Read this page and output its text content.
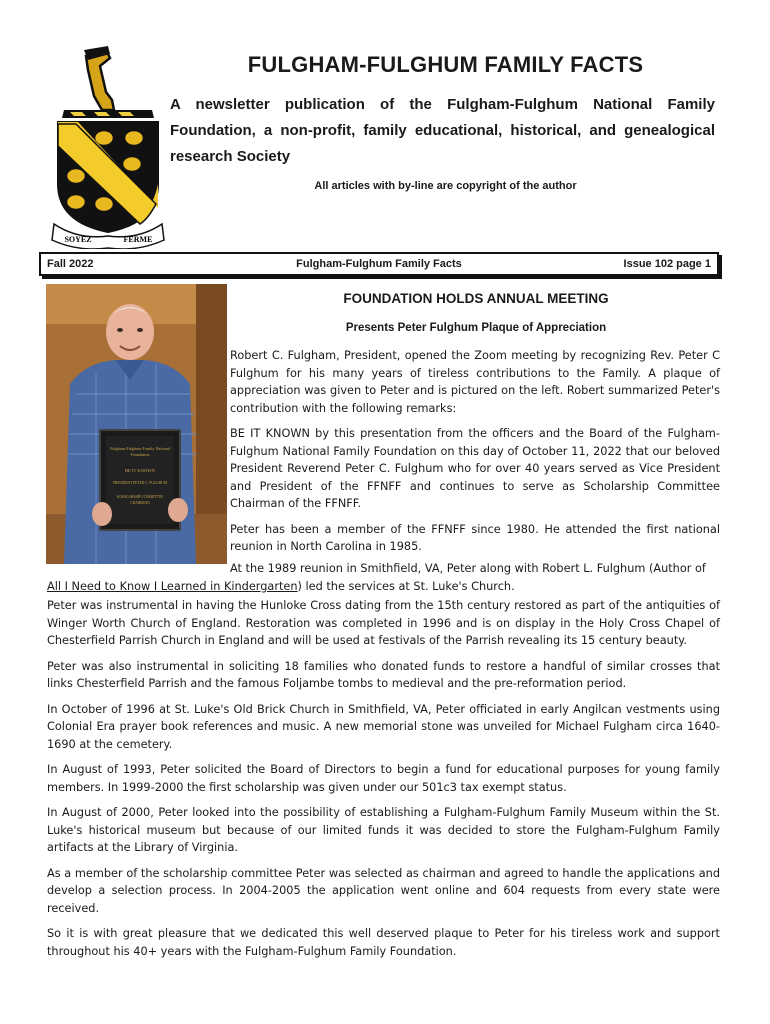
SOYEZ	FERME
FULGHAM-FULGHUM FAMILY FACTS
A newsletter publication of the Fulgham-Fulghum National Family Foundation, a non-profit, family educational, historical, and genealogical research Society
All articles with by-line are copyright of the author
Fall 2022	Fulgham-Fulghum Family Facts	Issue 102 page 1
Fulgham-Fulghum Family National
Foundation
BE IT KNOWN
PRESIDENT PETER C. FULGHUM
SCHOLARSHIP COMMITTEE
CHAIRMAN
FOUNDATION HOLDS ANNUAL MEETING
Presents Peter Fulghum Plaque of Appreciation

Robert C. Fulgham, President, opened the Zoom meeting by recognizing Rev. Peter C Fulghum for his many years of tireless contributions to the Family. A plaque of appreciation was given to Peter and is pictured on the left. Robert summarized Peter's contribution with the following remarks:

BE IT KNOWN by this presentation from the officers and the Board of the Fulgham-Fulghum National Family Foundation on this day of October 11, 2022 that our beloved President Reverend Peter C. Fulghum who for over 40 years served as Vice President and President of the FFNFF and continues to serve as Scholarship Committee Chairman of the FFNFF.

Peter has been a member of the FFNFF since 1980. He attended the first national reunion in North Carolina in 1985.

At the 1989 reunion in Smithfield, VA, Peter along with Robert L. Fulghum (Author of
All I Need to Know I Learned in Kindergarten) led the services at St. Luke's Church.

Peter was instrumental in having the Hunloke Cross dating from the 15th century restored as part of the antiquities of Winger Worth Church of England. Restoration was completed in 1996 and is on display in the Holy Cross Chapel of Chesterfield Parrish Church in England and will be used at festivals of the Parrish revealing its 15 century beauty.

Peter was also instrumental in soliciting 18 families who donated funds to restore a handful of similar crosses that links Chesterfield Parrish and the famous Foljambe tombs to medieval and the pre-reformation period.

In October of 1996 at St. Luke's Old Brick Church in Smithfield, VA, Peter officiated in early Angilcan vestments using Colonial Era prayer book references and music. A new memorial stone was unveiled for Michael Fulgham circa 1640-1690 at the cemetery.

In August of 1993, Peter solicited the Board of Directors to begin a fund for educational purposes for young family members. In 1999-2000 the first scholarship was given under our 501c3 tax exempt status.

In August of 2000, Peter looked into the possibility of establishing a Fulgham-Fulghum Family Museum within the St. Luke's historical museum but because of our limited funds it was decided to store the Fulgham-Fulghum Family artifacts at the Library of Virginia.

As a member of the scholarship committee Peter was selected as chairman and agreed to handle the applications and develop a selection process. In 2004-2005 the application went online and 604 requests from every state were received.

So it is with great pleasure that we dedicated this well deserved plaque to Peter for his tireless work and support throughout his 40+ years with the Fulgham-Fulghum Family Foundation.
